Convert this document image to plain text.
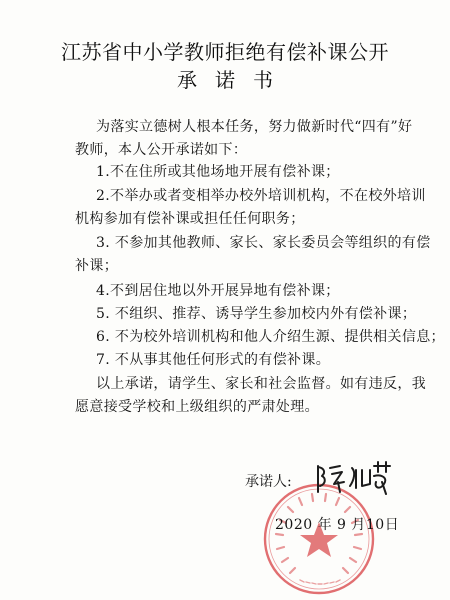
江苏省中小学教师拒绝有偿补课公开
承诺书
为落实立德树人根本任务，努力做新时代“四有”好
教师，本人公开承诺如下：
1.不在住所或其他场地开展有偿补课；
2.不举办或者变相举办校外培训机构，不在校外培训
机构参加有偿补课或担任任何职务；
3. 不参加其他教师、家长、家长委员会等组织的有偿
补课；
4.不到居住地以外开展异地有偿补课；
5. 不组织、推荐、诱导学生参加校内外有偿补课；
6. 不为校外培训机构和他人介绍生源、提供相关信息；
7. 不从事其他任何形式的有偿补课。
以上承诺，请学生、家长和社会监督。如有违反，我
愿意接受学校和上级组织的严肃处理。
承诺人:
2020 年 9 月10日
